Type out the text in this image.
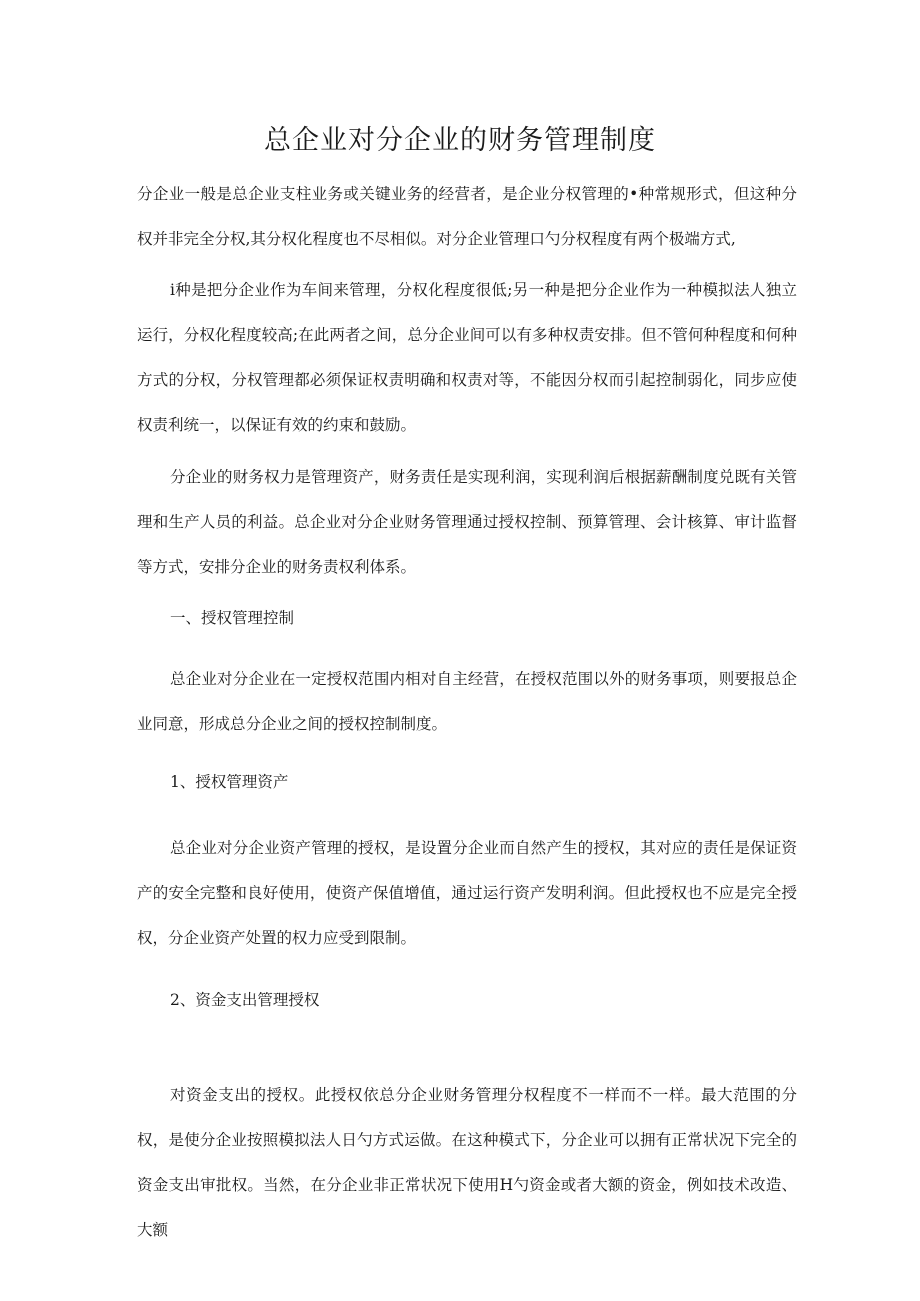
总企业对分企业的财务管理制度

分企业一般是总企业支柱业务或关键业务的经营者，是企业分权管理的•种常规形式，但这种分权并非完全分权,其分权化程度也不尽相似。对分企业管理口勺分权程度有两个极端方式,

i种是把分企业作为车间来管理，分权化程度很低;另一种是把分企业作为一种模拟法人独立运行，分权化程度较高;在此两者之间，总分企业间可以有多种权责安排。但不管何种程度和何种方式的分权，分权管理都必须保证权责明确和权责对等，不能因分权而引起控制弱化，同步应使权责利统一，以保证有效的约束和鼓励。

分企业的财务权力是管理资产，财务责任是实现利润，实现利润后根据薪酬制度兑既有关管理和生产人员的利益。总企业对分企业财务管理通过授权控制、预算管理、会计核算、审计监督等方式，安排分企业的财务责权利体系。

一、授权管理控制

总企业对分企业在一定授权范围内相对自主经营，在授权范围以外的财务事项，则要报总企业同意，形成总分企业之间的授权控制制度。

1、授权管理资产

总企业对分企业资产管理的授权，是设置分企业而自然产生的授权，其对应的责任是保证资产的安全完整和良好使用，使资产保值增值，通过运行资产发明利润。但此授权也不应是完全授权，分企业资产处置的权力应受到限制。

2、资金支出管理授权

对资金支出的授权。此授权依总分企业财务管理分权程度不一样而不一样。最大范围的分权，是使分企业按照模拟法人日勺方式运做。在这种模式下，分企业可以拥有正常状况下完全的资金支出审批权。当然，在分企业非正常状况下使用H勺资金或者大额的资金，例如技术改造、大额
